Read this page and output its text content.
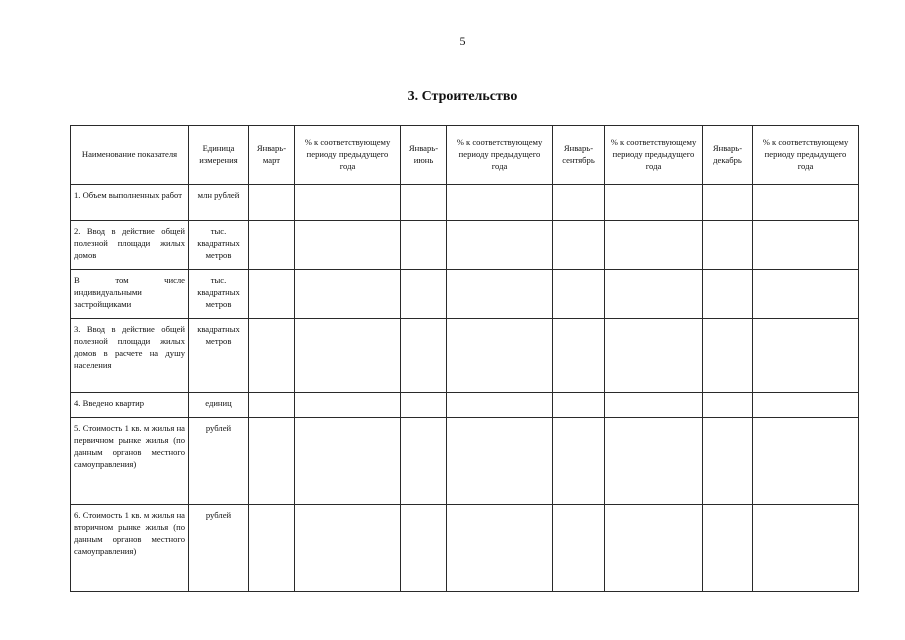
5
3. Строительство
Наименование показателя	Единица измерения	Январь-март	% к соответствующему периоду предыдущего года	Январь-июнь	% к соответствующему периоду предыдущего года	Январь-сентябрь	% к соответствующему периоду предыдущего года	Январь-декабрь	% к соответствующему периоду предыдущего года
1. Объем выполненных работ	млн рублей								
2. Ввод в действие общей полезной площади жилых домов	тыс. квадратных метров								
В том числе индивидуальными застройщиками	тыс. квадратных метров								
3. Ввод в действие общей полезной площади жилых домов в расчете на душу населения	квадратных метров								
4. Введено квартир	единиц								
5. Стоимость 1 кв. м жилья на первичном рынке жилья (по данным органов местного самоуправления)	рублей								
6. Стоимость 1 кв. м жилья на вторичном рынке жилья (по данным органов местного самоуправления)	рублей								
